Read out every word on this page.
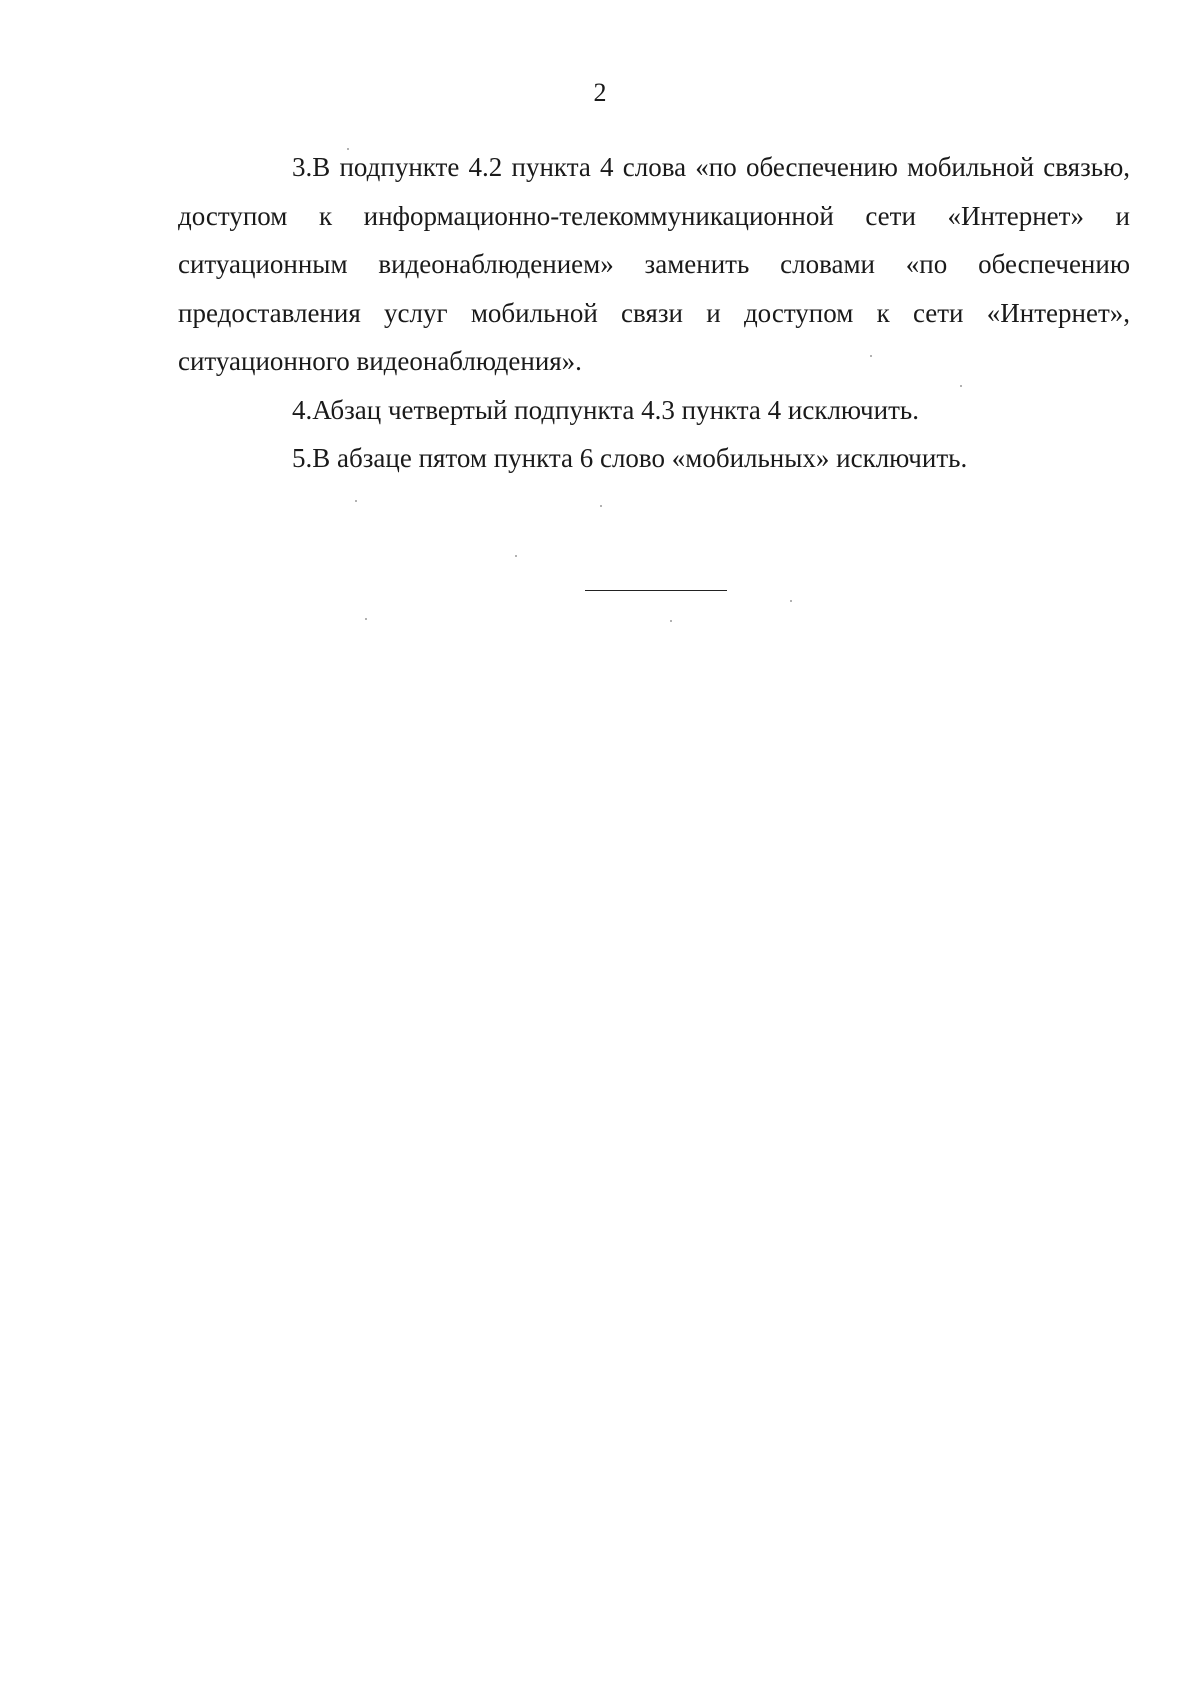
2

3.В подпункте 4.2 пункта 4 слова «по обеспечению мобильной связью, доступом к информационно-телекоммуникационной сети «Интернет» и ситуационным видеонаблюдением» заменить словами «по обеспечению предоставления услуг мобильной связи и доступом к сети «Интернет», ситуационного видеонаблюдения».

4.Абзац четвертый подпункта 4.3 пункта 4 исключить.

5.В абзаце пятом пункта 6 слово «мобильных» исключить.
